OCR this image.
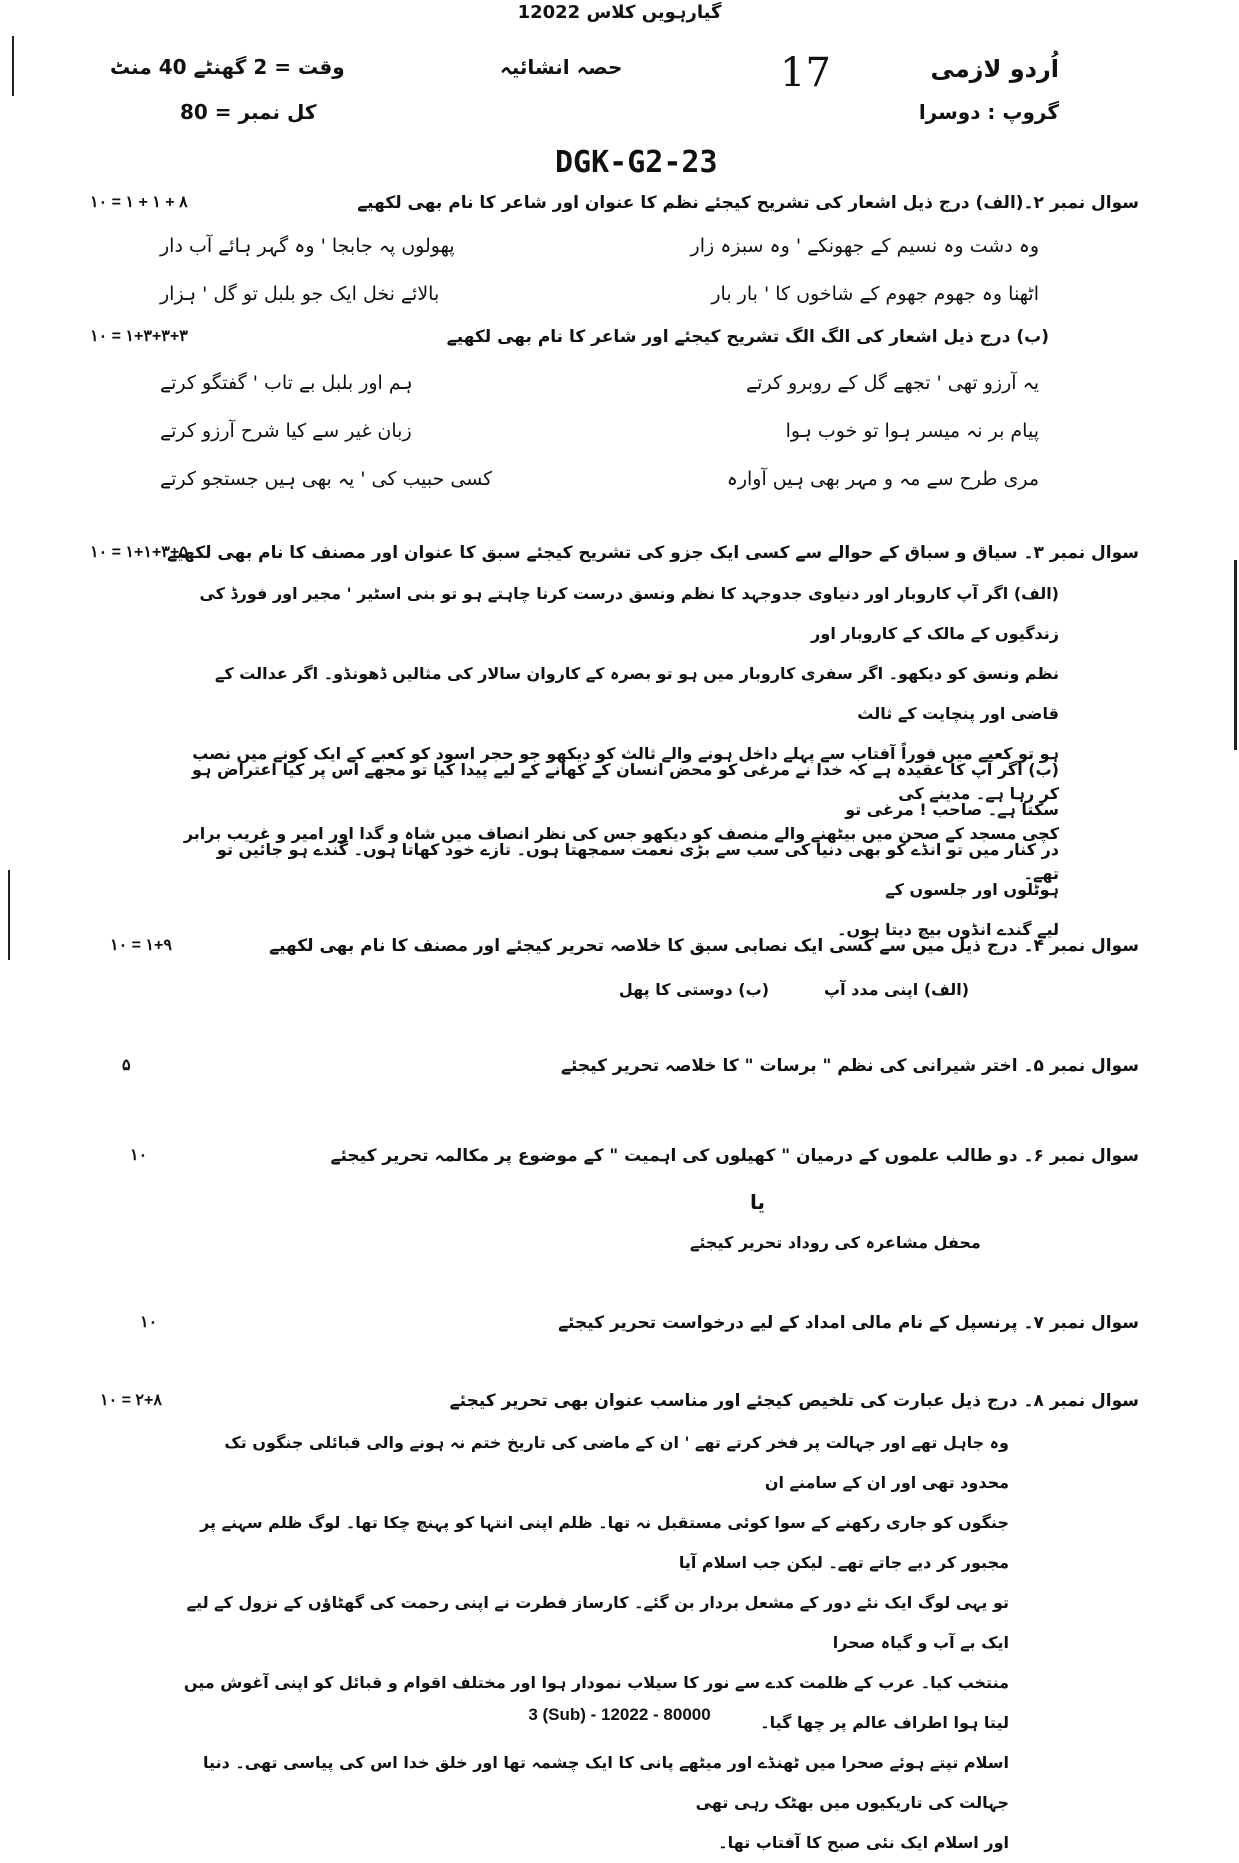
گیارہویں کلاس 12022
اُردو لازمی
گروپ : دوسرا
حصہ انشائیہ
وقت = 2 گھنٹے 40 منٹ
کل نمبر = 80
17
DGK-G2-23
سوال نمبر ۲۔(الف) درج ذیل اشعار کی تشریح کیجئے نظم کا عنوان اور شاعر کا نام بھی لکھیے
۱۰ = ۱ + ۱ + ۸
وہ دشت وہ نسیم کے جھونکے ' وہ سبزہ زار
پھولوں پہ جابجا ' وہ گہر ہائے آب دار
اٹھنا وہ جھوم جھوم کے شاخوں کا ' بار بار
بالائے نخل ایک جو بلبل تو گل ' ہزار
(ب) درج ذیل اشعار کی الگ الگ تشریح کیجئے اور شاعر کا نام بھی لکھیے
۱۰ = ۱+۳+۳+۳
یہ آرزو تھی ' تجھے گل کے روبرو کرتے
ہم اور بلبل بے تاب ' گفتگو کرتے
پیام بر نہ میسر ہوا تو خوب ہوا
زبان غیر سے کیا شرح آرزو کرتے
مری طرح سے مہ و مہر بھی ہیں آوارہ
کسی حبیب کی ' یہ بھی ہیں جستجو کرتے
سوال نمبر ۳۔ سیاق و سباق کے حوالے سے کسی ایک جزو کی تشریح کیجئے سبق کا عنوان اور مصنف کا نام بھی لکھیے
۱۰ = ۱+۱+۳+۵
(الف) اگر آپ کاروبار اور دنیاوی جدوجہد کا نظم ونسق درست کرنا چاہتے ہو تو بنی اسٹیر ' مجیر اور فورڈ کی زندگیوں کے مالک کے کاروبار اور
نظم ونسق کو دیکھو۔ اگر سفری کاروبار میں ہو تو بصرہ کے کاروان سالار کی مثالیں ڈھونڈو۔ اگر عدالت کے قاضی اور پنچایت کے ثالث
ہو تو کعبے میں فوراً آفتاب سے پہلے داخل ہونے والے ثالث کو دیکھو جو حجر اسود کو کعبے کے ایک کونے میں نصب کر رہا ہے۔ مدینے کی
کچی مسجد کے صحن میں بیٹھنے والے منصف کو دیکھو جس کی نظر انصاف میں شاہ و گدا اور امیر و غریب برابر تھے۔
(ب) اگر آپ کا عقیدہ ہے کہ خدا نے مرغی کو محض انسان کے کھانے کے لیے پیدا کیا تو مجھے اس پر کیا اعتراض ہو سکتا ہے۔ صاحب ! مرغی تو
در کنار میں تو انڈے کو بھی دنیا کی سب سے بڑی نعمت سمجھتا ہوں۔ تازے خود کھاتا ہوں۔ گندے ہو جائیں تو ہوٹلوں اور جلسوں کے
لیے گندے انڈوں بیچ دیتا ہوں۔
سوال نمبر ۴۔ درج ذیل میں سے کسی ایک نصابی سبق کا خلاصہ تحریر کیجئے اور مصنف کا نام بھی لکھیے
۱۰ = ۱+۹
(الف) اپنی مدد آپ
(ب) دوستی کا پھل
سوال نمبر ۵۔ اختر شیرانی کی نظم " برسات " کا خلاصہ تحریر کیجئے
۵
سوال نمبر ۶۔ دو طالب علموں کے درمیان " کھیلوں کی اہمیت " کے موضوع پر مکالمہ تحریر کیجئے
۱۰
یا
محفل مشاعرہ کی روداد تحریر کیجئے
سوال نمبر ۷۔ پرنسپل کے نام مالی امداد کے لیے درخواست تحریر کیجئے
۱۰
سوال نمبر ۸۔ درج ذیل عبارت کی تلخیص کیجئے اور مناسب عنوان بھی تحریر کیجئے
۱۰ = ۲+۸
وہ جاہل تھے اور جہالت پر فخر کرتے تھے ' ان کے ماضی کی تاریخ ختم نہ ہونے والی قبائلی جنگوں تک محدود تھی اور ان کے سامنے ان
جنگوں کو جاری رکھنے کے سوا کوئی مستقبل نہ تھا۔ ظلم اپنی انتہا کو پہنچ چکا تھا۔ لوگ ظلم سہنے پر مجبور کر دیے جاتے تھے۔ لیکن جب اسلام آیا
تو یہی لوگ ایک نئے دور کے مشعل بردار بن گئے۔ کارساز فطرت نے اپنی رحمت کی گھٹاؤں کے نزول کے لیے ایک بے آب و گیاہ صحرا
منتخب کیا۔ عرب کے ظلمت کدے سے نور کا سیلاب نمودار ہوا اور مختلف اقوام و قبائل کو اپنی آغوش میں لیتا ہوا اطراف عالم پر چھا گیا۔
اسلام تپتے ہوئے صحرا میں ٹھنڈے اور میٹھے پانی کا ایک چشمہ تھا اور خلق خدا اس کی پیاسی تھی۔ دنیا جہالت کی تاریکیوں میں بھٹک رہی تھی
اور اسلام ایک نئی صبح کا آفتاب تھا۔
3 (Sub) - 12022 - 80000
